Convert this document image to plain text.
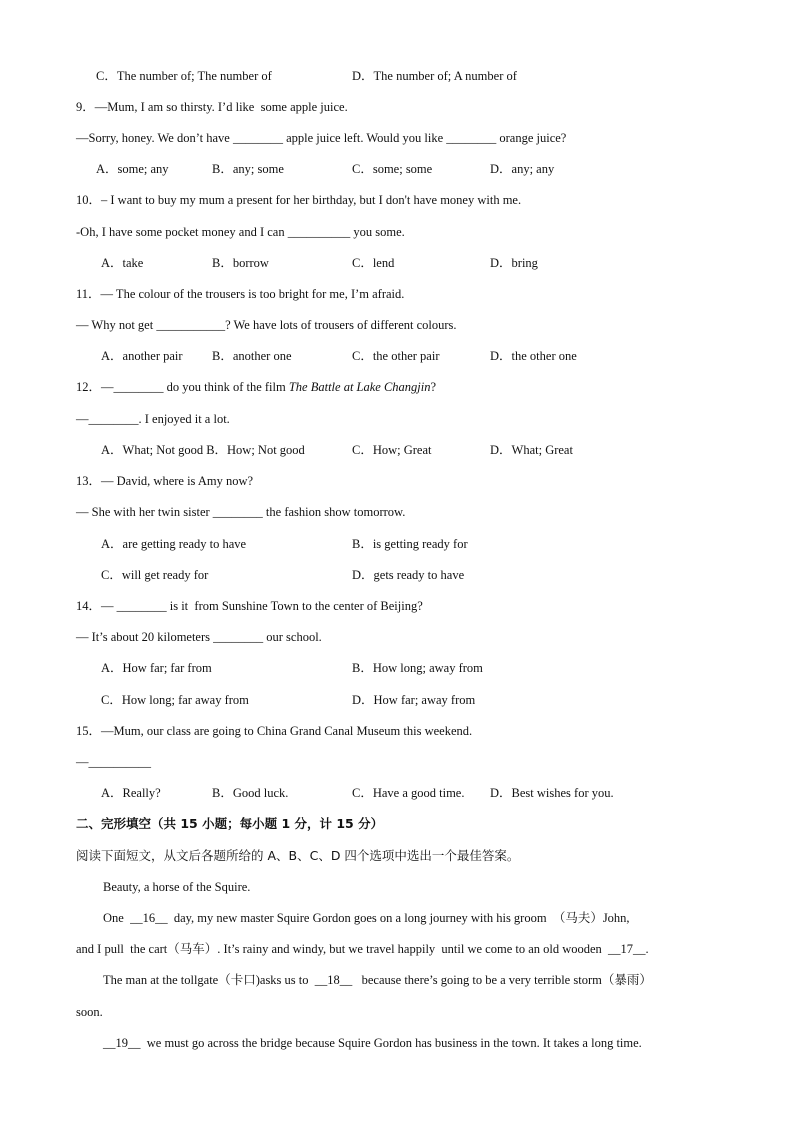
C．The number of; The number of	D．The number of; A number of
9．—Mum, I am so thirsty. I’d like  some apple juice.
—Sorry, honey. We don’t have ________ apple juice left. Would you like ________ orange juice?
A．some; any	B．any; some	C．some; some	D．any; any
10．– I want to buy my mum a present for her birthday, but I don't have money with me.
-Oh, I have some pocket money and I can __________ you some.
A．take	B．borrow	C．lend	D．bring
11．— The colour of the trousers is too bright for me, I’m afraid.
— Why not get ___________? We have lots of trousers of different colours.
A．another pair B．another one	C．the other pair	D．the other one
12．—________ do you think of the film The Battle at Lake Changjin?
—________. I enjoyed it a lot.
A．What; Not good B．How; Not good	C．How; Great	D．What; Great
13．— David, where is Amy now?
— She with her twin sister ________ the fashion show tomorrow.
A．are getting ready to have	B．is getting ready for
C．will get ready for	D．gets ready to have
14．— ________ is it  from Sunshine Town to the center of Beijing?
— It’s about 20 kilometers ________ our school.
A．How far; far from	B．How long; away from
C．How long; far away from	D．How far; away from
15．—Mum, our class are going to China Grand Canal Museum this weekend.
—__________
A．Really?	B．Good luck.	C．Have a good time. D．Best wishes for you.
二、完形填空（共 15 小题；每小题 1 分，计 15 分）
阅读下面短文，从文后各题所给的 A、B、C、D 四个选项中选出一个最佳答案。
Beauty, a horse of the Squire.
One  __16__  day, my new master Squire Gordon goes on a long journey with his groom  （马夫）John,
and I pull  the cart（马车）. It’s rainy and windy, but we travel happily  until we come to an old wooden  __17__.
The man at the tollgate（卡口)asks us to  __18__   because there’s going to be a very terrible storm（暴雨）
soon.
__19__  we must go across the bridge because Squire Gordon has business in the town. It takes a long time.
